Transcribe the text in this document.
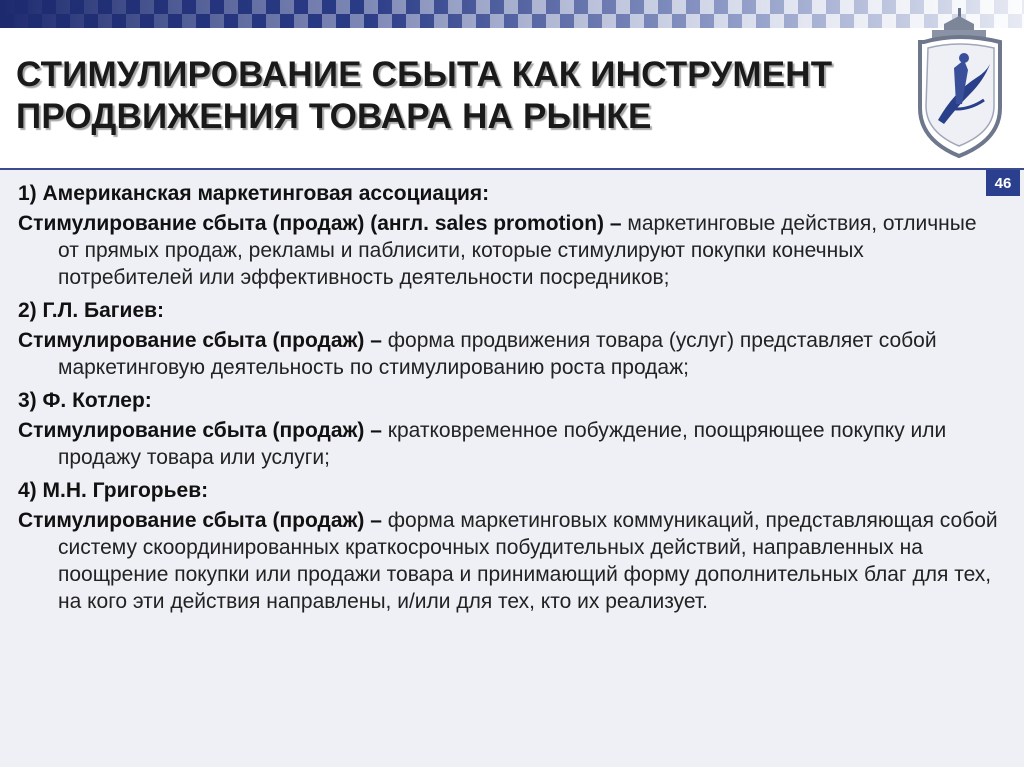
СТИМУЛИРОВАНИЕ СБЫТА КАК ИНСТРУМЕНТ
ПРОДВИЖЕНИЯ ТОВАРА НА РЫНКЕ
46
1) Американская маркетинговая ассоциация:
Стимулирование сбыта (продаж) (англ. sales promotion) – маркетинговые действия, отличные от прямых продаж, рекламы и паблисити, которые стимулируют покупки конечных потребителей или эффективность деятельности посредников;
2) Г.Л. Багиев:
Стимулирование сбыта (продаж) – форма продвижения товара (услуг) представляет собой маркетинговую деятельность по стимулированию роста продаж;
3) Ф. Котлер:
Стимулирование сбыта (продаж) – кратковременное побуждение, поощряющее покупку или продажу товара или услуги;
4) М.Н. Григорьев:
Стимулирование сбыта (продаж) – форма маркетинговых коммуникаций, представляющая собой систему скоординированных краткосрочных побудительных действий, направленных на поощрение покупки или продажи товара и принимающий форму дополнительных благ для тех, на кого эти действия направлены, и/или для тех, кто их реализует.
